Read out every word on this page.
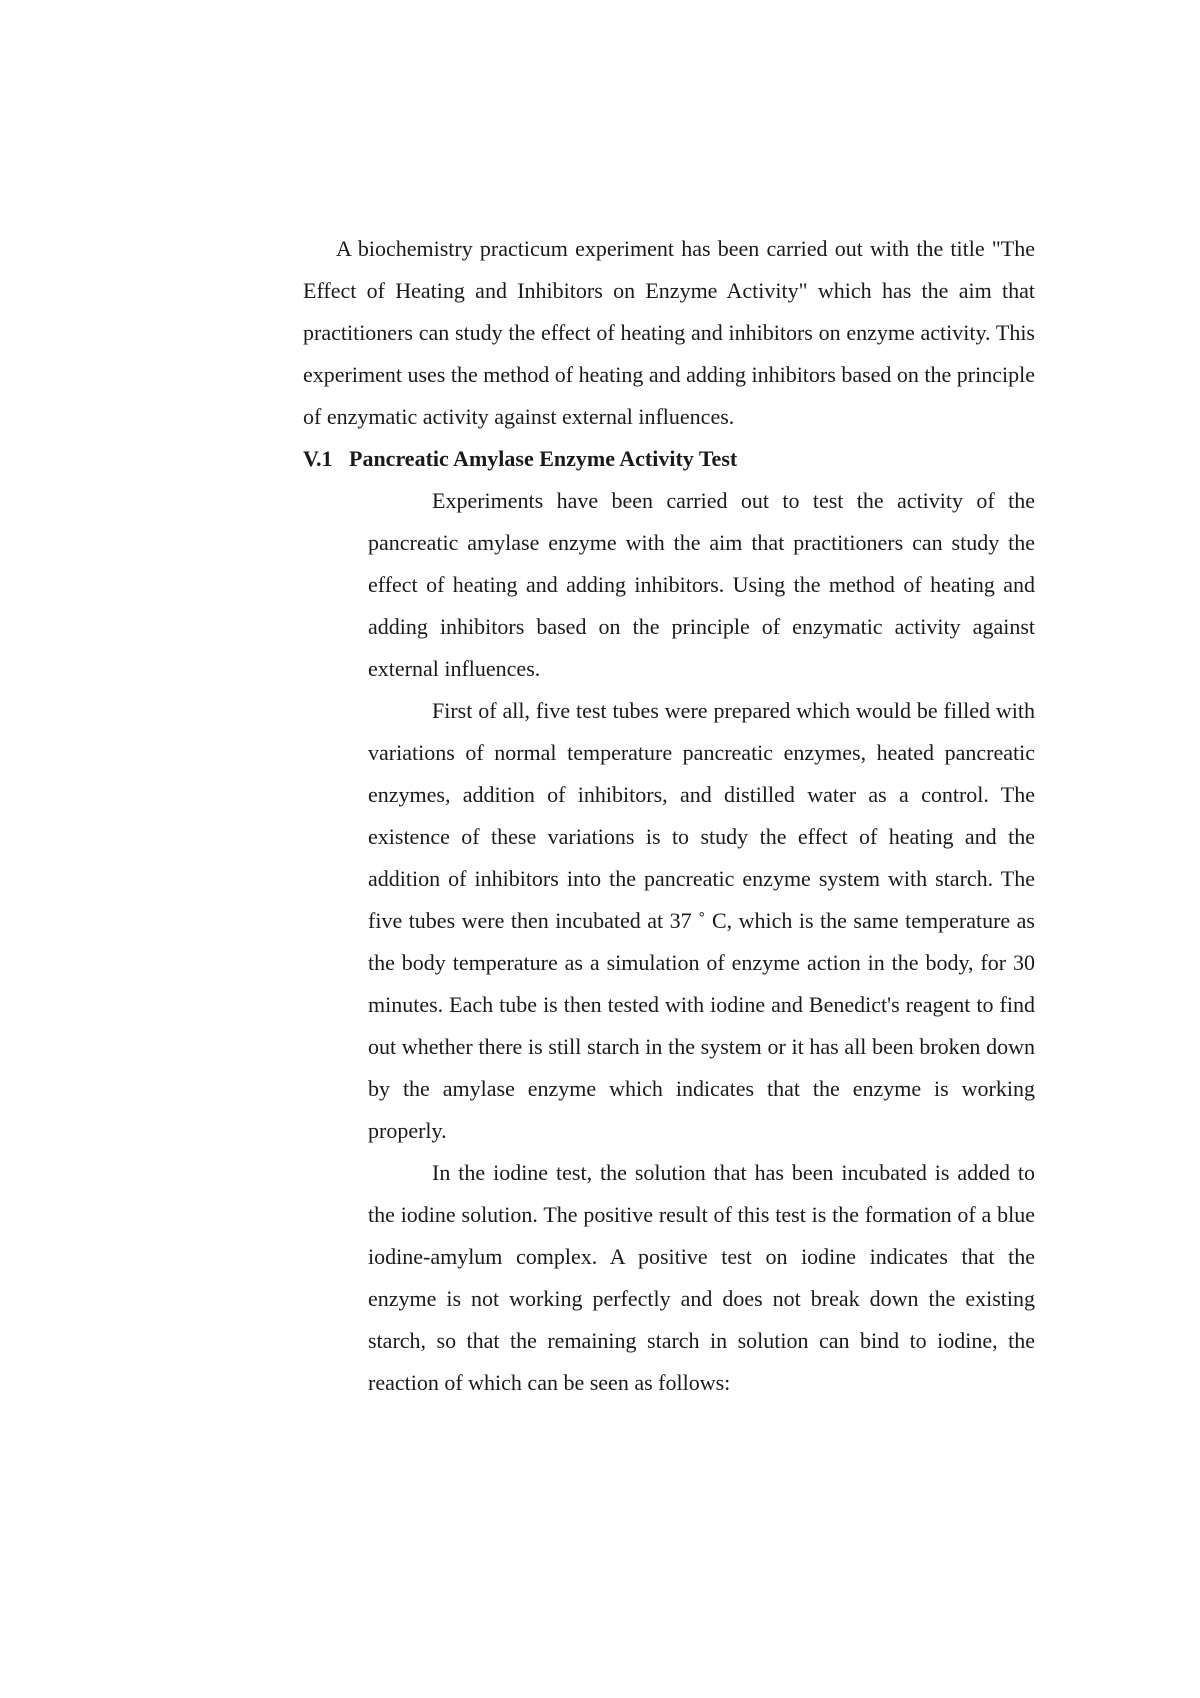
A biochemistry practicum experiment has been carried out with the title "The Effect of Heating and Inhibitors on Enzyme Activity" which has the aim that practitioners can study the effect of heating and inhibitors on enzyme activity. This experiment uses the method of heating and adding inhibitors based on the principle of enzymatic activity against external influences.

V.1 Pancreatic Amylase Enzyme Activity Test

Experiments have been carried out to test the activity of the pancreatic amylase enzyme with the aim that practitioners can study the effect of heating and adding inhibitors. Using the method of heating and adding inhibitors based on the principle of enzymatic activity against external influences.

First of all, five test tubes were prepared which would be filled with variations of normal temperature pancreatic enzymes, heated pancreatic enzymes, addition of inhibitors, and distilled water as a control. The existence of these variations is to study the effect of heating and the addition of inhibitors into the pancreatic enzyme system with starch. The five tubes were then incubated at 37 ˚ C, which is the same temperature as the body temperature as a simulation of enzyme action in the body, for 30 minutes. Each tube is then tested with iodine and Benedict's reagent to find out whether there is still starch in the system or it has all been broken down by the amylase enzyme which indicates that the enzyme is working properly.

In the iodine test, the solution that has been incubated is added to the iodine solution. The positive result of this test is the formation of a blue iodine-amylum complex. A positive test on iodine indicates that the enzyme is not working perfectly and does not break down the existing starch, so that the remaining starch in solution can bind to iodine, the reaction of which can be seen as follows:
